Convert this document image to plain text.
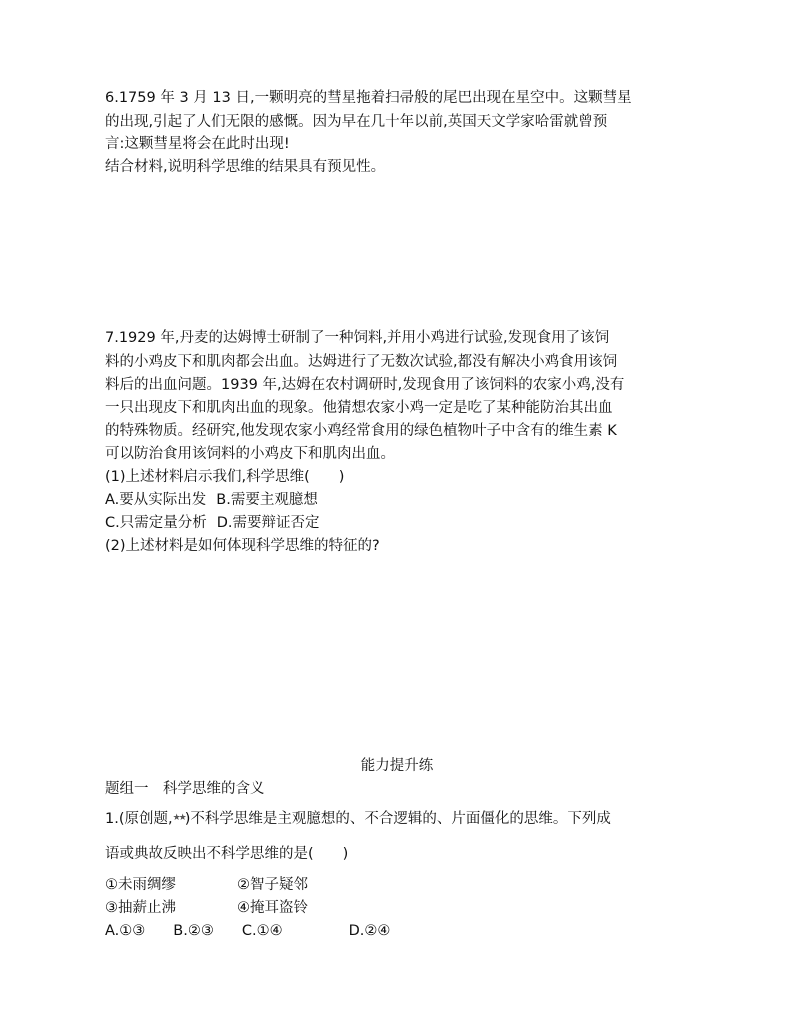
6.1759 年 3 月 13 日,一颗明亮的彗星拖着扫帚般的尾巴出现在星空中。这颗彗星
的出现,引起了人们无限的感慨。因为早在几十年以前,英国天文学家哈雷就曾预
言:这颗彗星将会在此时出现!
结合材料,说明科学思维的结果具有预见性。
7.1929 年,丹麦的达姆博士研制了一种饲料,并用小鸡进行试验,发现食用了该饲
料的小鸡皮下和肌肉都会出血。达姆进行了无数次试验,都没有解决小鸡食用该饲
料后的出血问题。1939 年,达姆在农村调研时,发现食用了该饲料的农家小鸡,没有
一只出现皮下和肌肉出血的现象。他猜想农家小鸡一定是吃了某种能防治其出血
的特殊物质。经研究,他发现农家小鸡经常食用的绿色植物叶子中含有的维生素 K
可以防治食用该饲料的小鸡皮下和肌肉出血。
(1)上述材料启示我们,科学思维(　　)
A.要从实际出发 B.需要主观臆想
C.只需定量分析 D.需要辩证否定
(2)上述材料是如何体现科学思维的特征的?
能力提升练
题组一　科学思维的含义
1.(原创题,★★)不科学思维是主观臆想的、不合逻辑的、片面僵化的思维。下列成
语或典故反映出不科学思维的是(　　)
①未雨绸缪	②智子疑邻
③抽薪止沸	④掩耳盗铃
A.①③ B.②③ C.①④	D.②④
